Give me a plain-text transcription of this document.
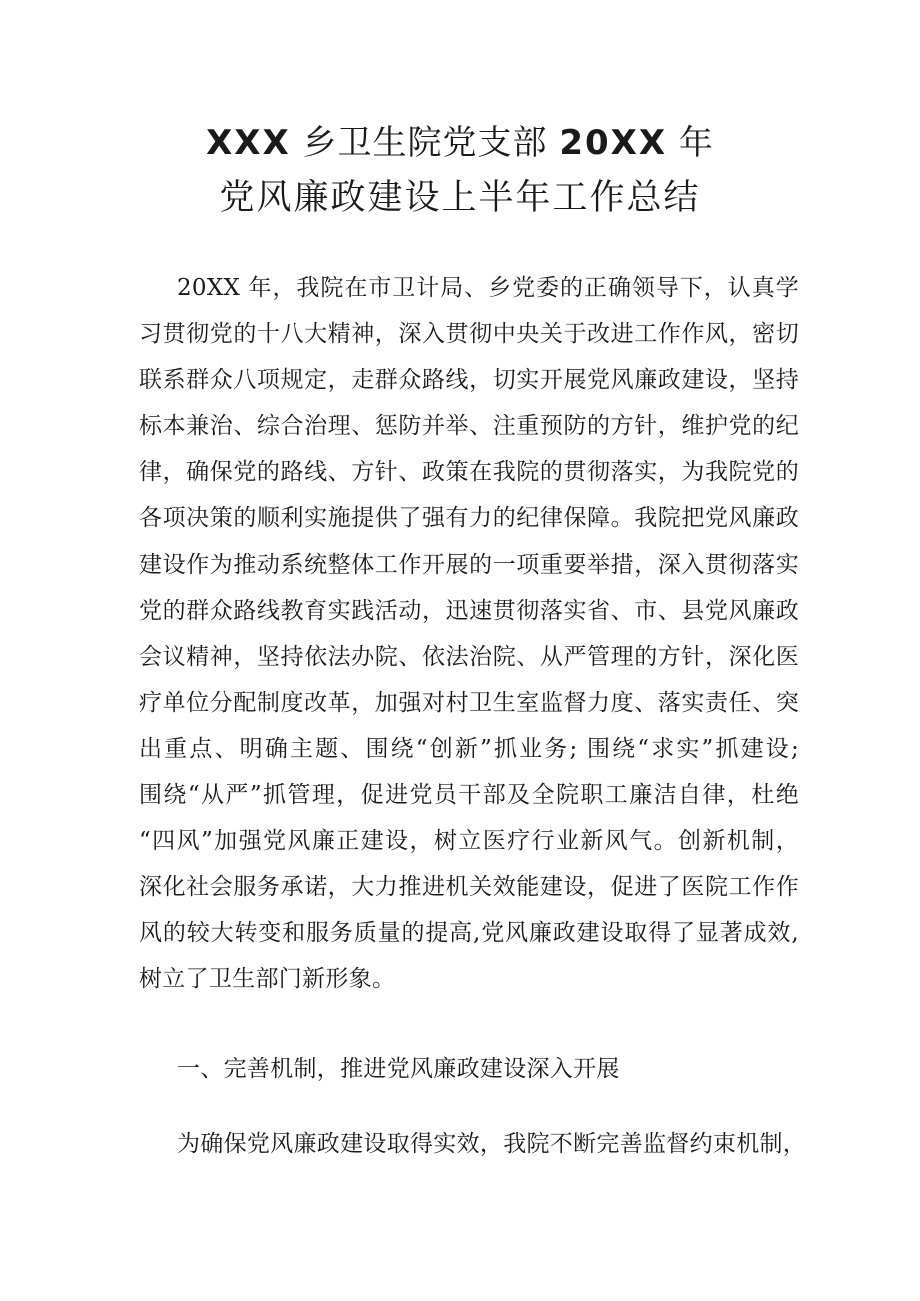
XXX 乡卫生院党支部 20XX 年
党风廉政建设上半年工作总结
20XX 年，我院在市卫计局、乡党委的正确领导下，认真学
习贯彻党的十八大精神，深入贯彻中央关于改进工作作风，密切
联系群众八项规定，走群众路线，切实开展党风廉政建设，坚持
标本兼治、综合治理、惩防并举、注重预防的方针，维护党的纪
律，确保党的路线、方针、政策在我院的贯彻落实，为我院党的
各项决策的顺利实施提供了强有力的纪律保障。我院把党风廉政
建设作为推动系统整体工作开展的一项重要举措，深入贯彻落实
党的群众路线教育实践活动，迅速贯彻落实省、市、县党风廉政
会议精神，坚持依法办院、依法治院、从严管理的方针，深化医
疗单位分配制度改革，加强对村卫生室监督力度、落实责任、突
出重点、明确主题、围绕“创新”抓业务; 围绕“求实”抓建设;
围绕“从严”抓管理，促进党员干部及全院职工廉洁自律，杜绝
“四风”加强党风廉正建设，树立医疗行业新风气。创新机制，
深化社会服务承诺，大力推进机关效能建设，促进了医院工作作
风的较大转变和服务质量的提高,党风廉政建设取得了显著成效,
树立了卫生部门新形象。
一、完善机制，推进党风廉政建设深入开展
为确保党风廉政建设取得实效，我院不断完善监督约束机制，
